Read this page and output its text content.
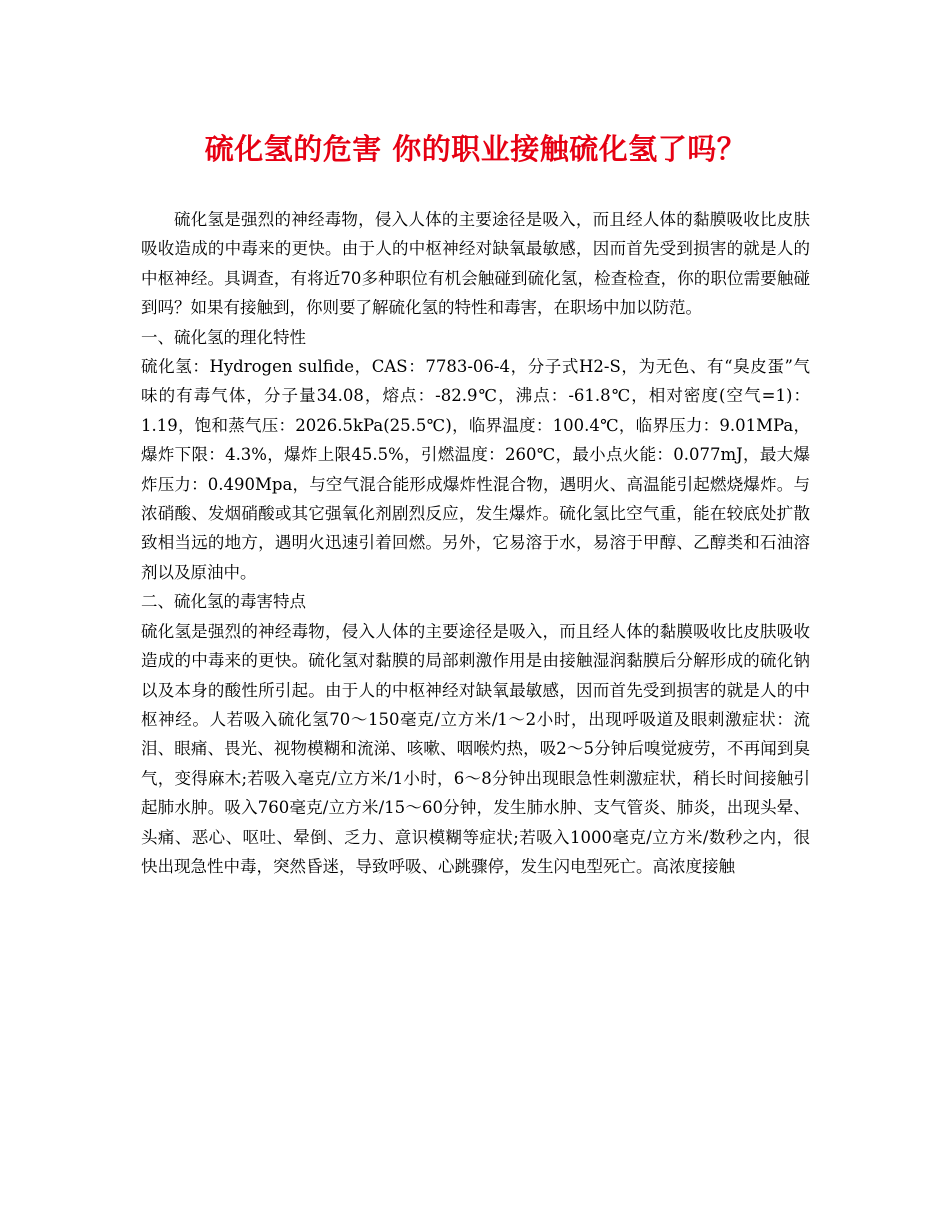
硫化氢的危害 你的职业接触硫化氢了吗？

硫化氢是强烈的神经毒物，侵入人体的主要途径是吸入，而且经人体的黏膜吸收比皮肤吸收造成的中毒来的更快。由于人的中枢神经对缺氧最敏感，因而首先受到损害的就是人的中枢神经。具调查，有将近70多种职位有机会触碰到硫化氢，检查检查，你的职位需要触碰到吗？如果有接触到，你则要了解硫化氢的特性和毒害，在职场中加以防范。

一、硫化氢的理化特性

硫化氢：Hydrogen sulfide，CAS：7783-06-4，分子式H2-S，为无色、有“臭皮蛋”气味的有毒气体，分子量34.08，熔点：-82.9℃，沸点：-61.8℃，相对密度(空气=1)：1.19，饱和蒸气压：2026.5kPa(25.5℃)，临界温度：100.4℃，临界压力：9.01MPa，爆炸下限：4.3%，爆炸上限45.5%，引燃温度：260℃，最小点火能：0.077mJ，最大爆炸压力：0.490Mpa，与空气混合能形成爆炸性混合物，遇明火、高温能引起燃烧爆炸。与浓硝酸、发烟硝酸或其它强氧化剂剧烈反应，发生爆炸。硫化氢比空气重，能在较底处扩散致相当远的地方，遇明火迅速引着回燃。另外，它易溶于水，易溶于甲醇、乙醇类和石油溶剂以及原油中。

二、硫化氢的毒害特点

硫化氢是强烈的神经毒物，侵入人体的主要途径是吸入，而且经人体的黏膜吸收比皮肤吸收造成的中毒来的更快。硫化氢对黏膜的局部刺激作用是由接触湿润黏膜后分解形成的硫化钠以及本身的酸性所引起。由于人的中枢神经对缺氧最敏感，因而首先受到损害的就是人的中枢神经。人若吸入硫化氢70～150毫克/立方米/1～2小时，出现呼吸道及眼刺激症状：流泪、眼痛、畏光、视物模糊和流涕、咳嗽、咽喉灼热，吸2～5分钟后嗅觉疲劳，不再闻到臭气，变得麻木;若吸入毫克/立方米/1小时，6～8分钟出现眼急性刺激症状，稍长时间接触引起肺水肿。吸入760毫克/立方米/15～60分钟，发生肺水肿、支气管炎、肺炎，出现头晕、头痛、恶心、呕吐、晕倒、乏力、意识模糊等症状;若吸入1000毫克/立方米/数秒之内，很快出现急性中毒，突然昏迷，导致呼吸、心跳骤停，发生闪电型死亡。高浓度接触
